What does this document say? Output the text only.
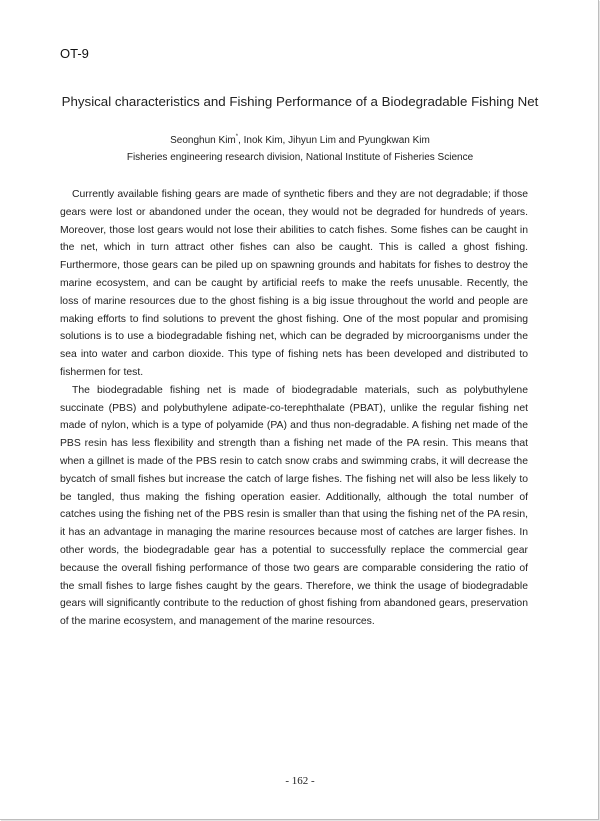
OT-9
Physical characteristics and Fishing Performance of a Biodegradable Fishing Net
Seonghun Kim*, Inok Kim, Jihyun Lim and Pyungkwan Kim
Fisheries engineering research division, National Institute of Fisheries Science

Currently available fishing gears are made of synthetic fibers and they are not degradable; if those gears were lost or abandoned under the ocean, they would not be degraded for hundreds of years. Moreover, those lost gears would not lose their abilities to catch fishes. Some fishes can be caught in the net, which in turn attract other fishes can also be caught. This is called a ghost fishing. Furthermore, those gears can be piled up on spawning grounds and habitats for fishes to destroy the marine ecosystem, and can be caught by artificial reefs to make the reefs unusable. Recently, the loss of marine resources due to the ghost fishing is a big issue throughout the world and people are making efforts to find solutions to prevent the ghost fishing. One of the most popular and promising solutions is to use a biodegradable fishing net, which can be degraded by microorganisms under the sea into water and carbon dioxide. This type of fishing nets has been developed and distributed to fishermen for test.

The biodegradable fishing net is made of biodegradable materials, such as polybuthylene succinate (PBS) and polybuthylene adipate-co-terephthalate (PBAT), unlike the regular fishing net made of nylon, which is a type of polyamide (PA) and thus non-degradable. A fishing net made of the PBS resin has less flexibility and strength than a fishing net made of the PA resin. This means that when a gillnet is made of the PBS resin to catch snow crabs and swimming crabs, it will decrease the bycatch of small fishes but increase the catch of large fishes. The fishing net will also be less likely to be tangled, thus making the fishing operation easier. Additionally, although the total number of catches using the fishing net of the PBS resin is smaller than that using the fishing net of the PA resin, it has an advantage in managing the marine resources because most of catches are larger fishes. In other words, the biodegradable gear has a potential to successfully replace the commercial gear because the overall fishing performance of those two gears are comparable considering the ratio of the small fishes to large fishes caught by the gears. Therefore, we think the usage of biodegradable gears will significantly contribute to the reduction of ghost fishing from abandoned gears, preservation of the marine ecosystem, and management of the marine resources.

- 162 -
